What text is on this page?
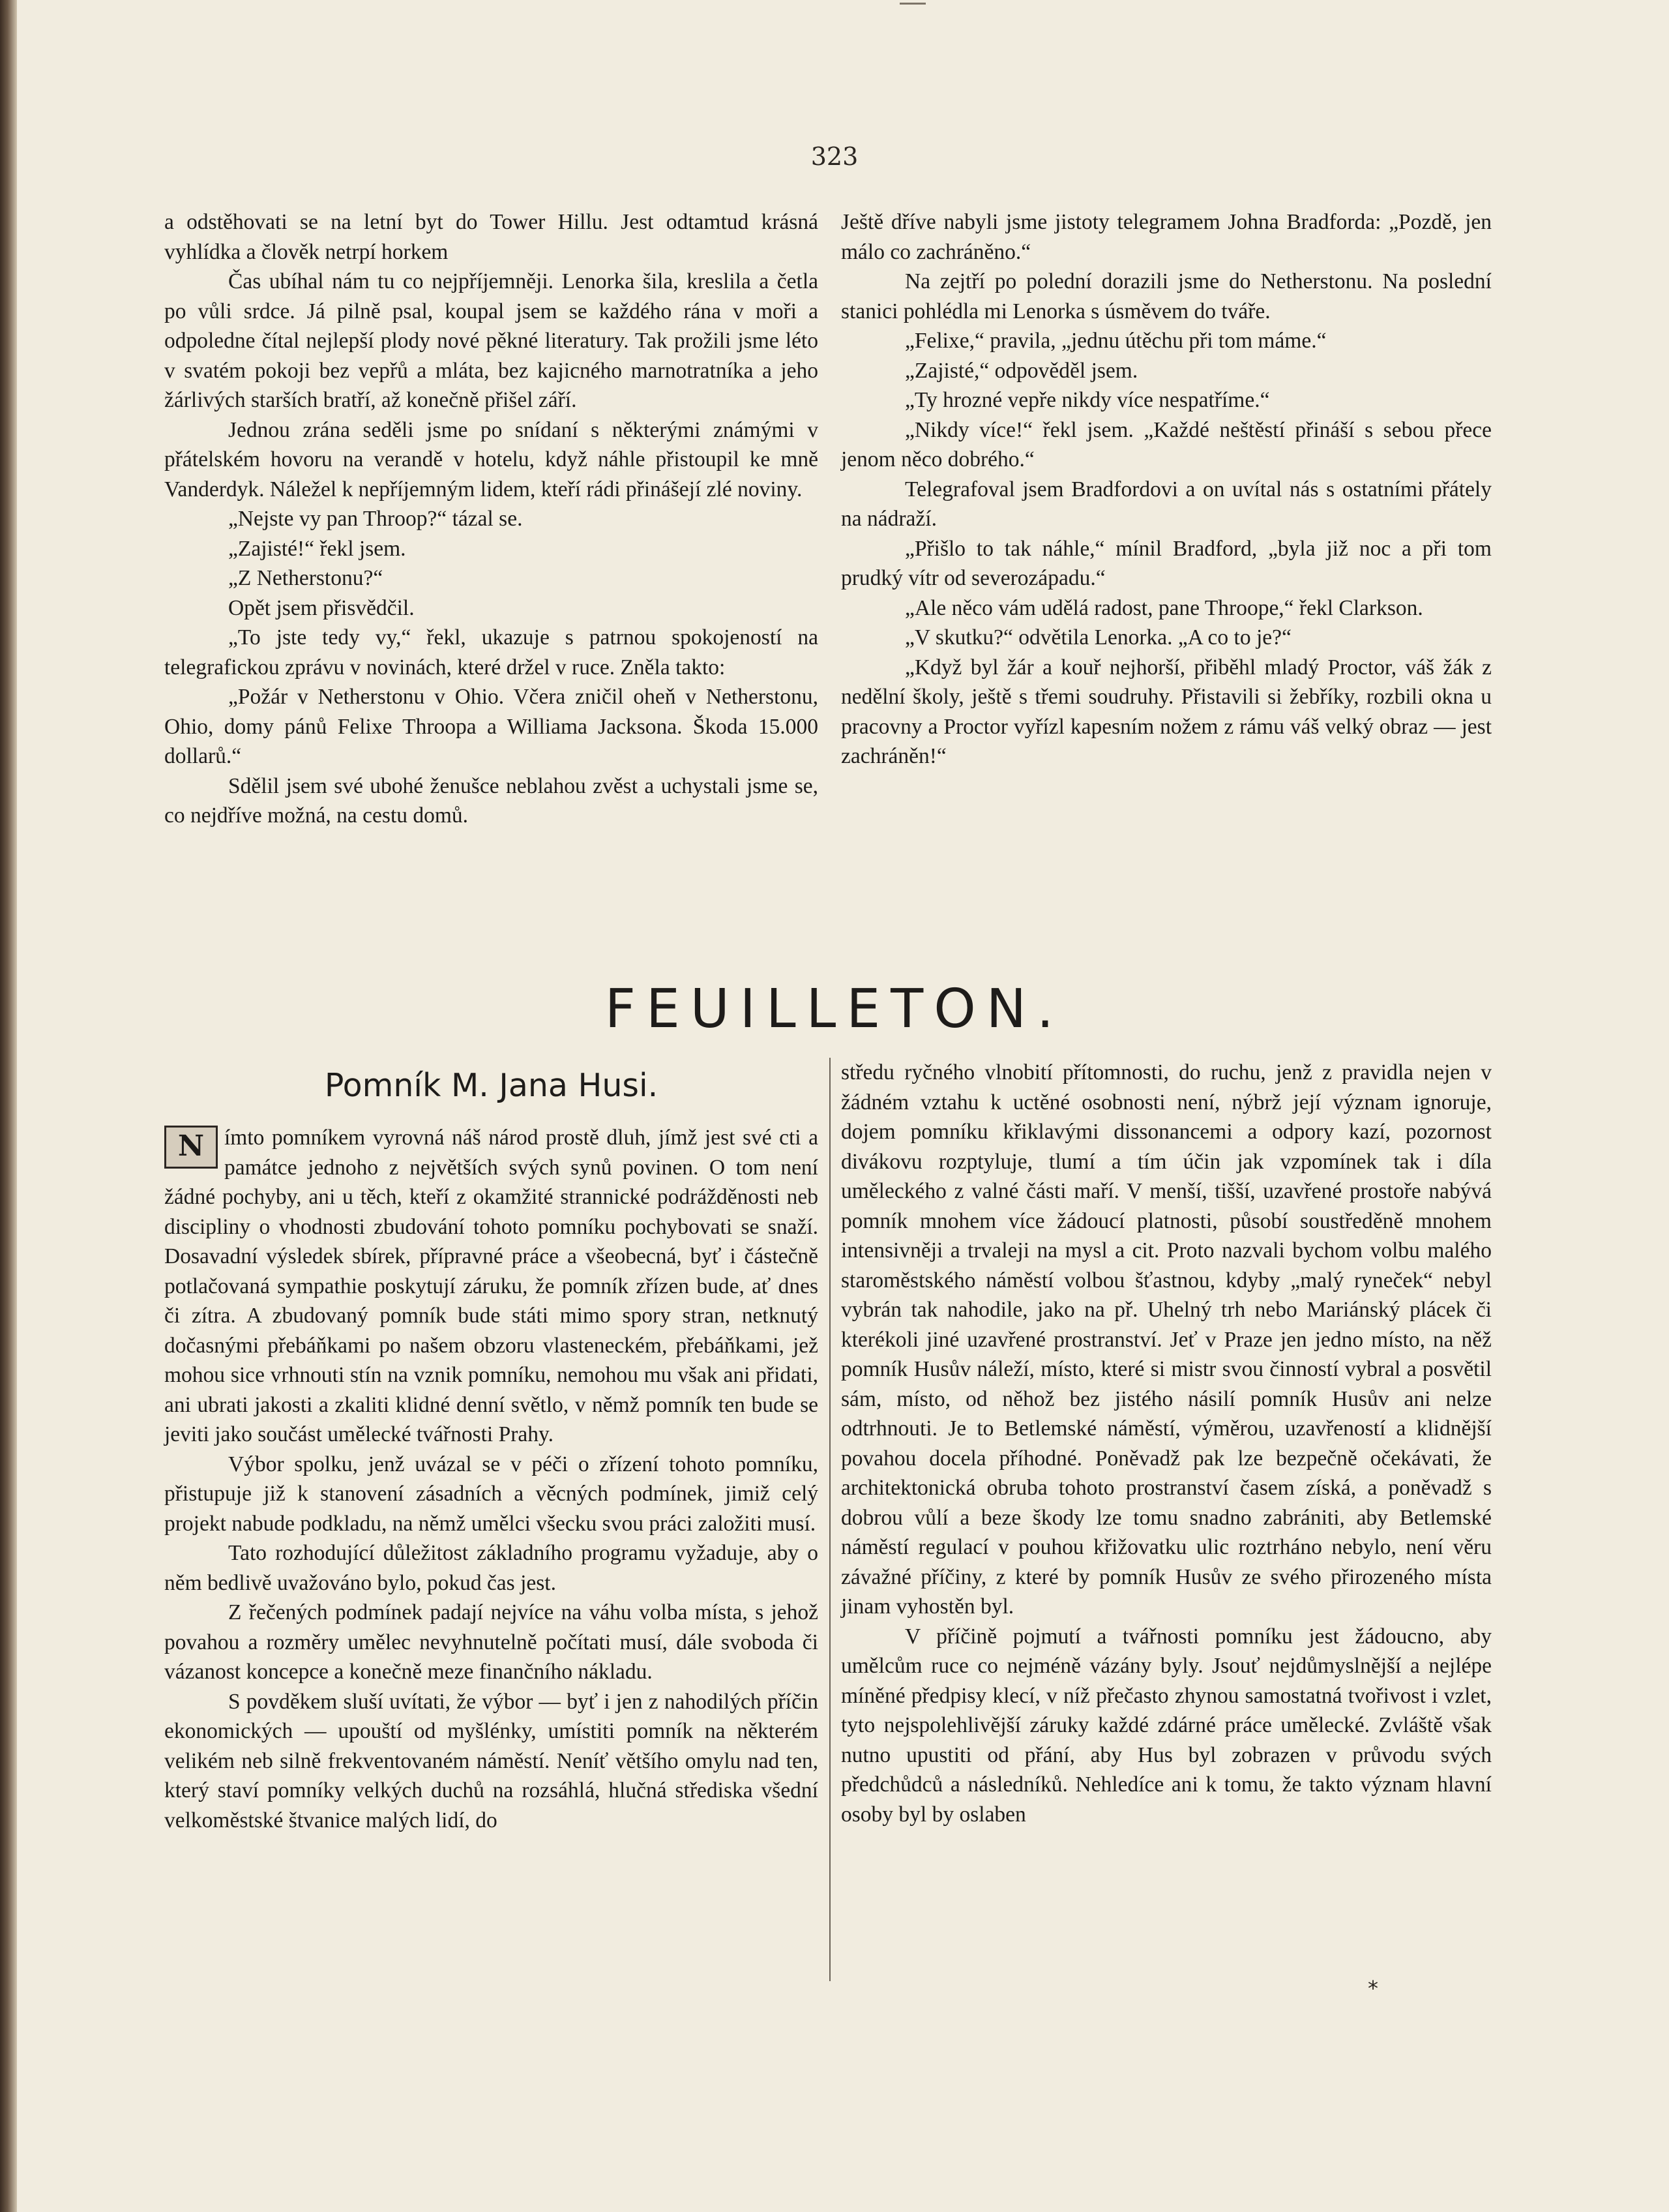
323

a odstěhovati se na letní byt do Tower Hillu. Jest odtamtud krásná vyhlídka a člověk netrpí horkem

Čas ubíhal nám tu co nejpříjemněji. Lenorka šila, kreslila a četla po vůli srdce. Já pilně psal, koupal jsem se každého rána v moři a odpoledne čítal nejlepší plody nové pěkné literatury. Tak prožili jsme léto v svatém pokoji bez vepřů a mláta, bez kajicného marnotratníka a jeho žárlivých starších bratří, až konečně přišel září.

Jednou zrána seděli jsme po snídaní s některými známými v přátelském hovoru na verandě v hotelu, když náhle přistoupil ke mně Vanderdyk. Náležel k nepříjemným lidem, kteří rádi přinášejí zlé noviny.

„Nejste vy pan Throop?“ tázal se.

„Zajisté!“ řekl jsem.

„Z Netherstonu?“

Opět jsem přisvědčil.

„To jste tedy vy,“ řekl, ukazuje s patrnou spokojeností na telegrafickou zprávu v novinách, které držel v ruce. Zněla takto:

„Požár v Netherstonu v Ohio. Včera zničil oheň v Netherstonu, Ohio, domy pánů Felixe Throopa a Williama Jacksona. Škoda 15.000 dollarů.“

Sdělil jsem své ubohé ženušce neblahou zvěst a uchystali jsme se, co nejdříve možná, na cestu domů.

Ještě dříve nabyli jsme jistoty telegramem Johna Bradforda: „Pozdě, jen málo co zachráněno.“

Na zejtří po polední dorazili jsme do Netherstonu. Na poslední stanici pohlédla mi Lenorka s úsměvem do tváře.

„Felixe,“ pravila, „jednu útěchu při tom máme.“

„Zajisté,“ odpověděl jsem.

„Ty hrozné vepře nikdy více nespatříme.“

„Nikdy více!“ řekl jsem. „Každé neštěstí přináší s sebou přece jenom něco dobrého.“

Telegrafoval jsem Bradfordovi a on uvítal nás s ostatními přátely na nádraží.

„Přišlo to tak náhle,“ mínil Bradford, „byla již noc a při tom prudký vítr od severozápadu.“

„Ale něco vám udělá radost, pane Throope,“ řekl Clarkson.

„V skutku?“ odvětila Lenorka. „A co to je?“

„Když byl žár a kouř nejhorší, přiběhl mladý Proctor, váš žák z nedělní školy, ještě s třemi soudruhy. Přistavili si žebříky, rozbili okna u pracovny a Proctor vyřízl kapesním nožem z rámu váš velký obraz — jest zachráněn!“

FEUILLETON.
Pomník M. Jana Husi.

N ímto pomníkem vyrovná náš národ prostě dluh, jímž jest své cti a památce jednoho z největších svých synů povinen. O tom není žádné pochyby, ani u těch, kteří z okamžité strannické podrážděnosti neb discipliny o vhodnosti zbudování tohoto pomníku pochybovati se snaží. Dosavadní výsledek sbírek, přípravné práce a všeobecná, byť i částečně potlačovaná sympathie poskytují záruku, že pomník zřízen bude, ať dnes či zítra. A zbudovaný pomník bude státi mimo spory stran, netknutý dočasnými přebáňkami po našem obzoru vlasteneckém, přebáňkami, jež mohou sice vrhnouti stín na vznik pomníku, nemohou mu však ani přidati, ani ubrati jakosti a zkaliti klidné denní světlo, v němž pomník ten bude se jeviti jako součást umělecké tvářnosti Prahy.

Výbor spolku, jenž uvázal se v péči o zřízení tohoto pomníku, přistupuje již k stanovení zásadních a věcných podmínek, jimiž celý projekt nabude podkladu, na němž umělci všecku svou práci založiti musí.

Tato rozhodující důležitost základního programu vyžaduje, aby o něm bedlivě uvažováno bylo, pokud čas jest.

Z řečených podmínek padají nejvíce na váhu volba místa, s jehož povahou a rozměry umělec nevyhnutelně počítati musí, dále svoboda či vázanost koncepce a konečně meze finančního nákladu.

S povděkem sluší uvítati, že výbor — byť i jen z nahodilých příčin ekonomických — upouští od myšlénky, umístiti pomník na některém velikém neb silně frekventovaném náměstí. Neníť většího omylu nad ten, který staví pomníky velkých duchů na rozsáhlá, hlučná střediska všední velkoměstské štvanice malých lidí, do

středu ryčného vlnobití přítomnosti, do ruchu, jenž z pravidla nejen v žádném vztahu k uctěné osobnosti není, nýbrž její význam ignoruje, dojem pomníku křiklavými dissonancemi a odpory kazí, pozornost divákovu rozptyluje, tlumí a tím účin jak vzpomínek tak i díla uměleckého z valné části maří. V menší, tišší, uzavřené prostoře nabývá pomník mnohem více žádoucí platnosti, působí soustředěně mnohem intensivněji a trvaleji na mysl a cit. Proto nazvali bychom volbu malého staroměstského náměstí volbou šťastnou, kdyby „malý ryneček“ nebyl vybrán tak nahodile, jako na př. Uhelný trh nebo Mariánský plácek či kterékoli jiné uzavřené prostranství. Jeť v Praze jen jedno místo, na něž pomník Husův náleží, místo, které si mistr svou činností vybral a posvětil sám, místo, od něhož bez jistého násilí pomník Husův ani nelze odtrhnouti. Je to Betlemské náměstí, výměrou, uzavřeností a klidnější povahou docela příhodné. Poněvadž pak lze bezpečně očekávati, že architektonická obruba tohoto prostranství časem získá, a poněvadž s dobrou vůlí a beze škody lze tomu snadno zabrániti, aby Betlemské náměstí regulací v pouhou křižovatku ulic roztrháno nebylo, není věru závažné příčiny, z které by pomník Husův ze svého přirozeného místa jinam vyhostěn byl.

V příčině pojmutí a tvářnosti pomníku jest žádoucno, aby umělcům ruce co nejméně vázány byly. Jsouť nejdůmyslnější a nejlépe míněné předpisy klecí, v níž přečasto zhynou samostatná tvořivost i vzlet, tyto nejspolehlivější záruky každé zdárné práce umělecké. Zvláště však nutno upustiti od přání, aby Hus byl zobrazen v průvodu svých předchůdců a následníků. Nehledíce ani k tomu, že takto význam hlavní osoby byl by oslaben

*
